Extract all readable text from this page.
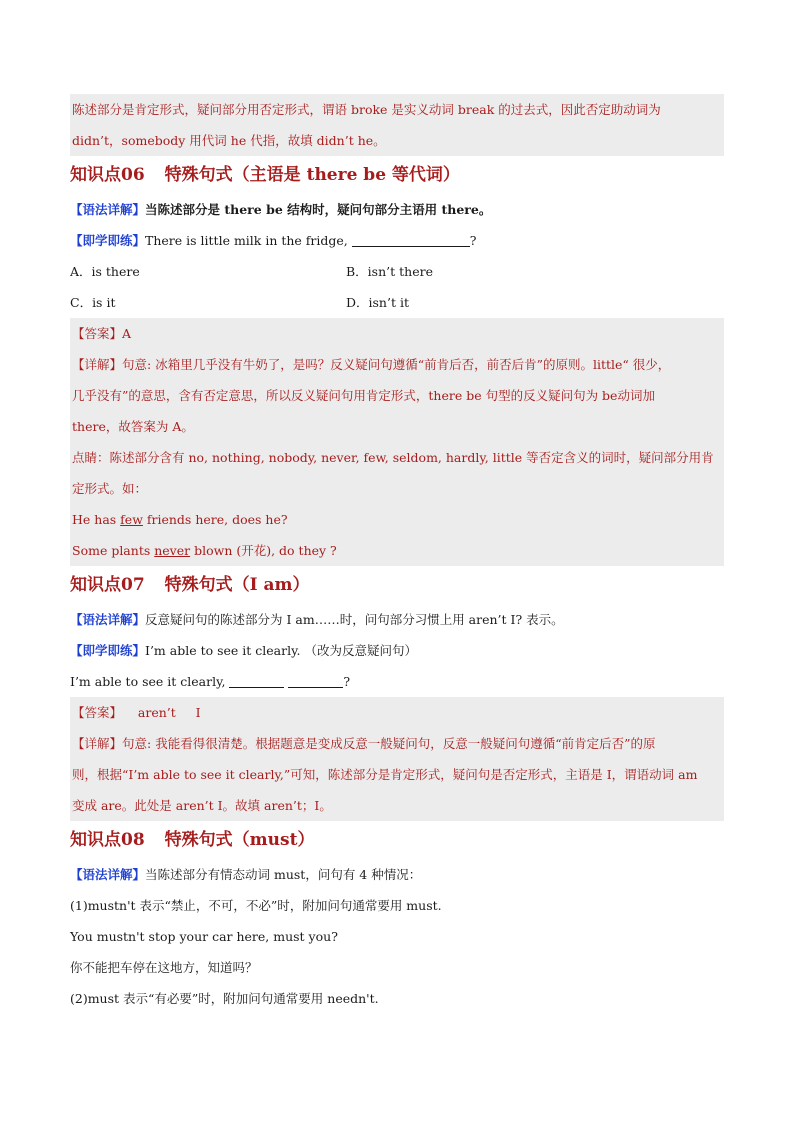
陈述部分是肯定形式，疑问部分用否定形式，谓语 broke 是实义动词 break 的过去式，因此否定助动词为
didn’t，somebody 用代词 he 代指，故填 didn’t he。
知识点06 特殊句式（主语是 there be 等代词）
【语法详解】当陈述部分是 there be 结构时，疑问句部分主语用 there。
【即学即练】There is little milk in the fridge,	?
A．is there	B．isn’t there
C．is it	D．isn’t it
【答案】A
【详解】句意: 冰箱里几乎没有牛奶了，是吗？反义疑问句遵循“前肯后否，前否后肯”的原则。little“ 很少，
几乎没有”的意思，含有否定意思，所以反义疑问句用肯定形式，there be 句型的反义疑问句为 be动词加
there，故答案为 A。
点睛：陈述部分含有 no, nothing, nobody, never, few, seldom, hardly, little 等否定含义的词时，疑问部分用肯
定形式。如：
He has few friends here, does he?
Some plants never blown (开花), do they ?
知识点07 特殊句式（I am）
【语法详解】反意疑问句的陈述部分为 I am……时，问句部分习惯上用 aren’t I? 表示。
【即学即练】I’m able to see it clearly. （改为反意疑问句）
I’m able to see it clearly,	?
【答案】 aren’t     I
【详解】句意: 我能看得很清楚。根据题意是变成反意一般疑问句，反意一般疑问句遵循“前肯定后否”的原
则，根据“I’m able to see it clearly,”可知，陈述部分是肯定形式，疑问句是否定形式，主语是 I，谓语动词 am
变成 are。此处是 aren’t I。故填 aren’t；I。
知识点08 特殊句式（must）
【语法详解】当陈述部分有情态动词 must，问句有 4 种情况：
(1)mustn't 表示“禁止，不可，不必”时，附加问句通常要用 must.
You mustn't stop your car here, must you?
你不能把车停在这地方，知道吗？
(2)must 表示“有必要”时，附加问句通常要用 needn't.
